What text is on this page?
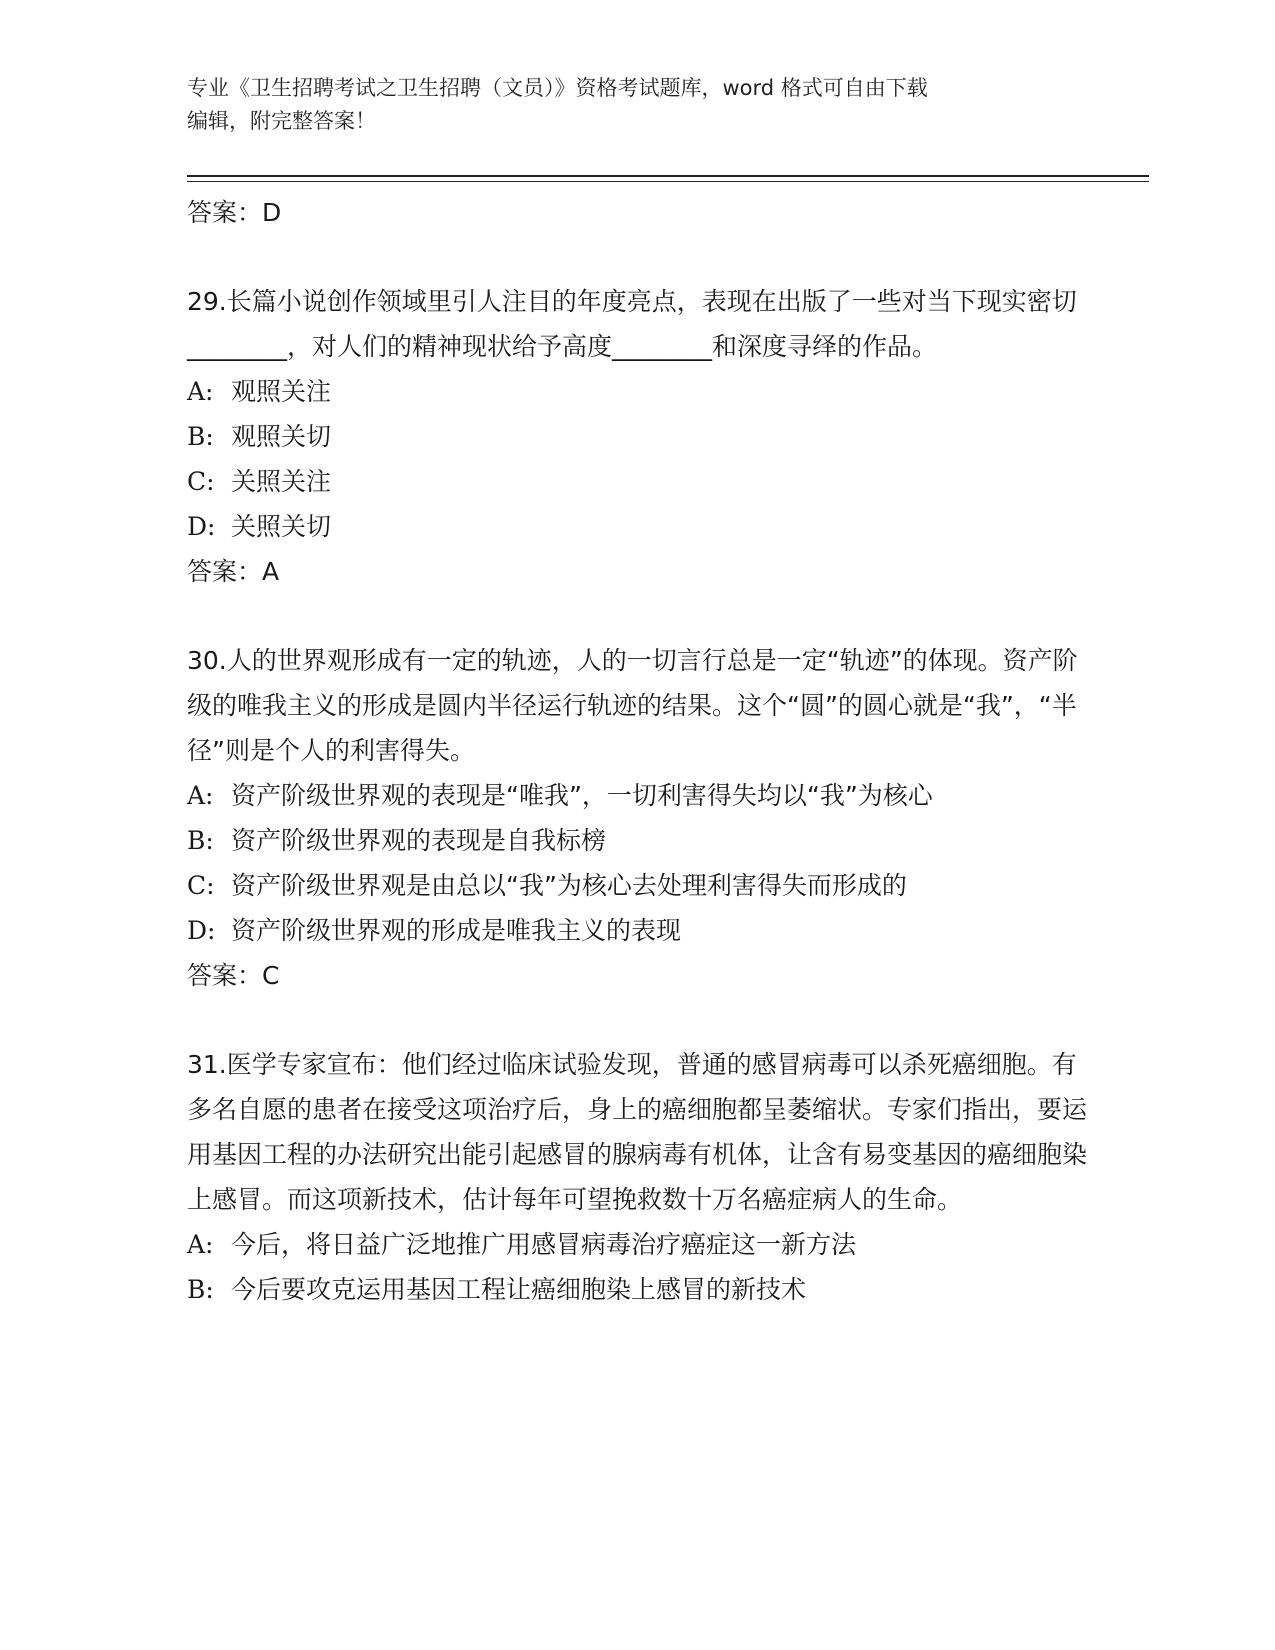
专业《卫生招聘考试之卫生招聘（文员）》资格考试题库，word 格式可自由下载
编辑，附完整答案！

答案：D

29.长篇小说创作领域里引人注目的年度亮点，表现在出版了一些对当下现实密切________，对人们的精神现状给予高度________和深度寻绎的作品。

A: 观照关注

B: 观照关切

C: 关照关注

D: 关照关切

答案：A

30.人的世界观形成有一定的轨迹，人的一切言行总是一定“轨迹”的体现。资产阶级的唯我主义的形成是圆内半径运行轨迹的结果。这个“圆”的圆心就是“我”，“半径”则是个人的利害得失。

A: 资产阶级世界观的表现是“唯我”，一切利害得失均以“我”为核心

B: 资产阶级世界观的表现是自我标榜

C: 资产阶级世界观是由总以“我”为核心去处理利害得失而形成的

D: 资产阶级世界观的形成是唯我主义的表现

答案：C

31.医学专家宣布：他们经过临床试验发现，普通的感冒病毒可以杀死癌细胞。有多名自愿的患者在接受这项治疗后，身上的癌细胞都呈萎缩状。专家们指出，要运用基因工程的办法研究出能引起感冒的腺病毒有机体，让含有易变基因的癌细胞染上感冒。而这项新技术，估计每年可望挽救数十万名癌症病人的生命。

A: 今后，将日益广泛地推广用感冒病毒治疗癌症这一新方法

B: 今后要攻克运用基因工程让癌细胞染上感冒的新技术
